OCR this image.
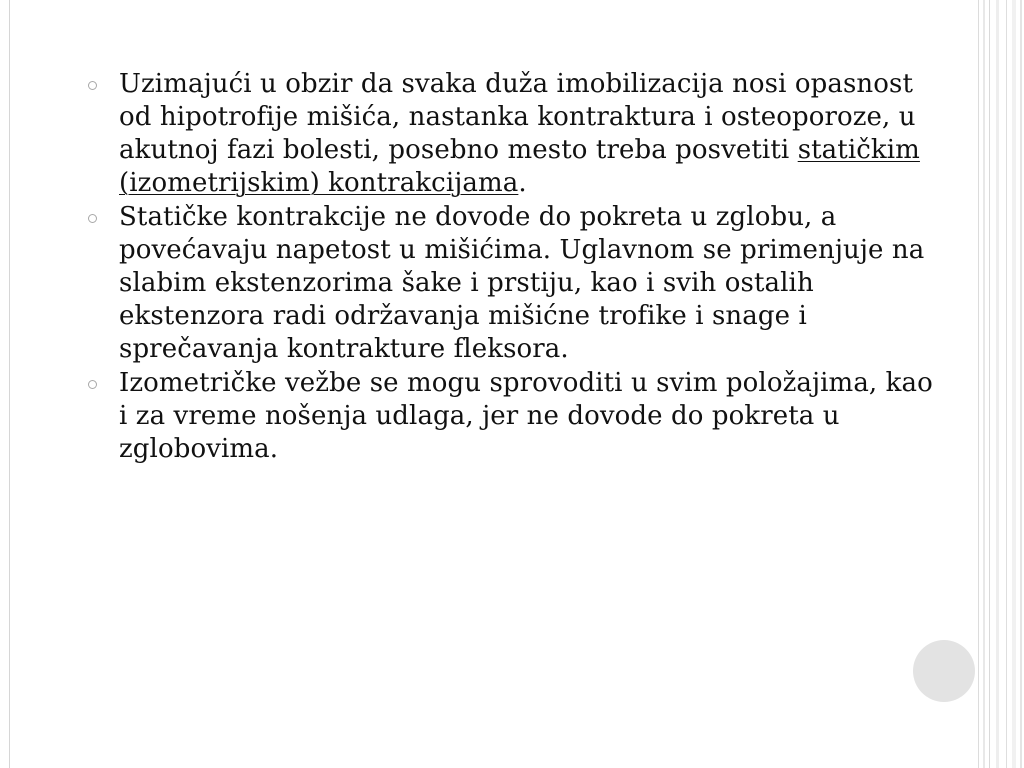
Uzimajući u obzir da svaka duža imobilizacija nosi opasnost od hipotrofije mišića, nastanka kontraktura i osteoporoze, u akutnoj fazi bolesti, posebno mesto treba posvetiti statičkim (izometrijskim) kontrakcijama.
Statičke kontrakcije ne dovode do pokreta u zglobu, a povećavaju napetost u mišićima. Uglavnom se primenjuje na slabim ekstenzorima šake i prstiju, kao i svih ostalih ekstenzora radi održavanja mišićne trofike i snage i sprečavanja kontrakture fleksora.
Izometričke vežbe se mogu sprovoditi u svim položajima, kao i za vreme nošenja udlaga, jer ne dovode do pokreta u zglobovima.
